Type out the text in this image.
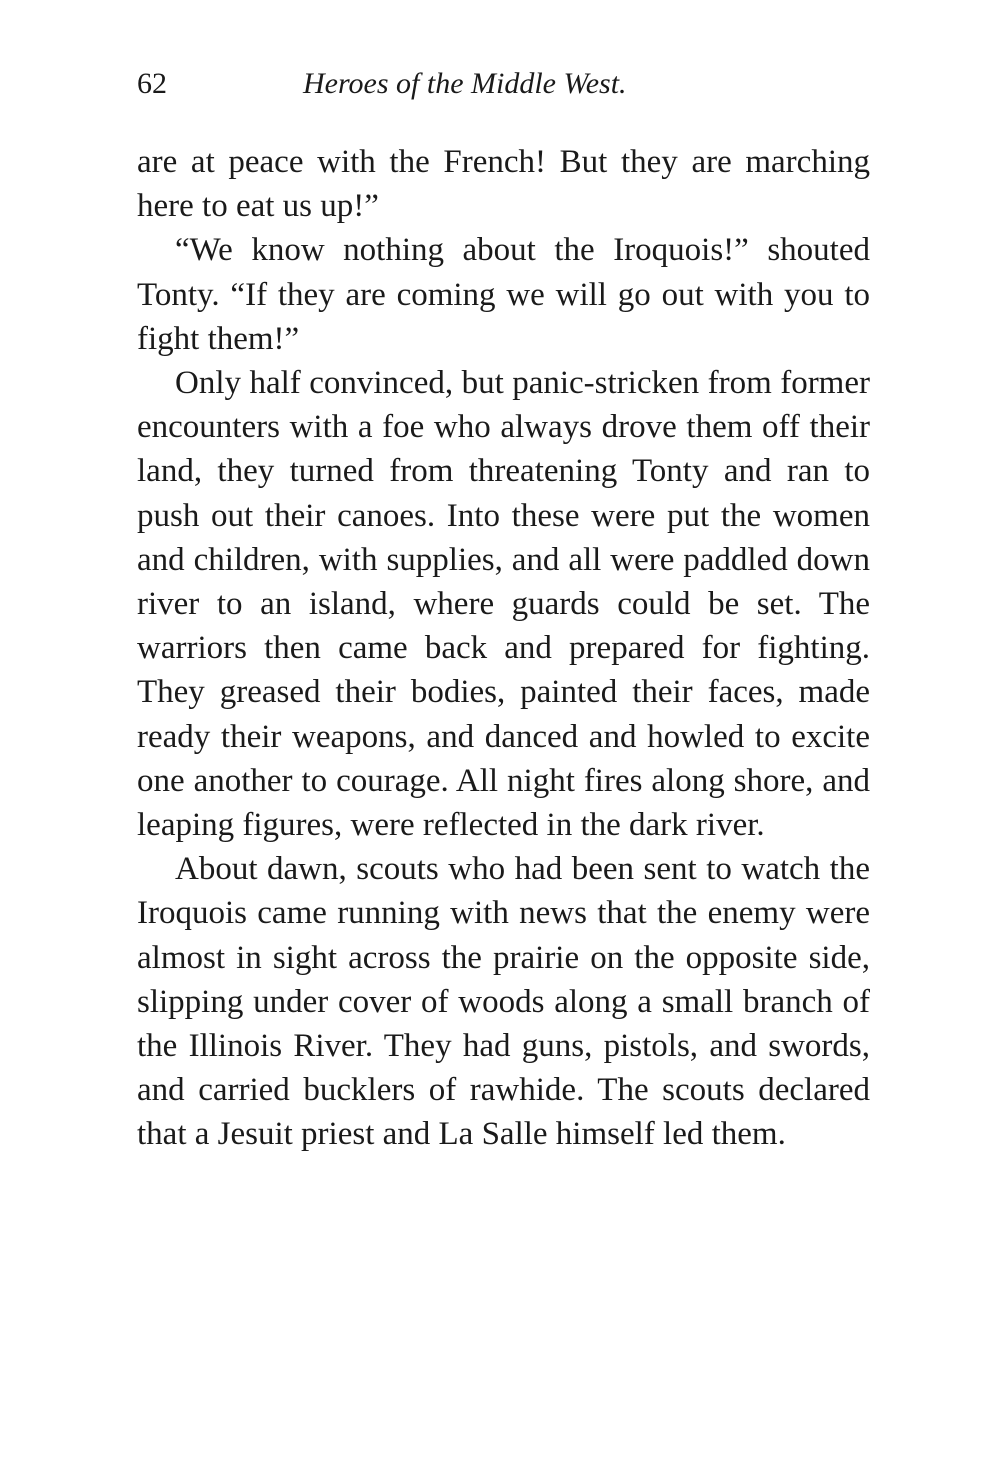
62	Heroes of the Middle West.

are at peace with the French! But they are marching here to eat us up!”

“We know nothing about the Iroquois!” shouted Tonty. “If they are coming we will go out with you to fight them!”

Only half convinced, but panic-stricken from former encounters with a foe who always drove them off their land, they turned from threatening Tonty and ran to push out their canoes. Into these were put the women and children, with supplies, and all were paddled down river to an island, where guards could be set. The warriors then came back and prepared for fighting. They greased their bodies, painted their faces, made ready their weapons, and danced and howled to excite one another to courage. All night fires along shore, and leaping figures, were reflected in the dark river.

About dawn, scouts who had been sent to watch the Iroquois came running with news that the enemy were almost in sight across the prairie on the opposite side, slipping under cover of woods along a small branch of the Illinois River. They had guns, pistols, and swords, and carried bucklers of rawhide. The scouts declared that a Jesuit priest and La Salle himself led them.
